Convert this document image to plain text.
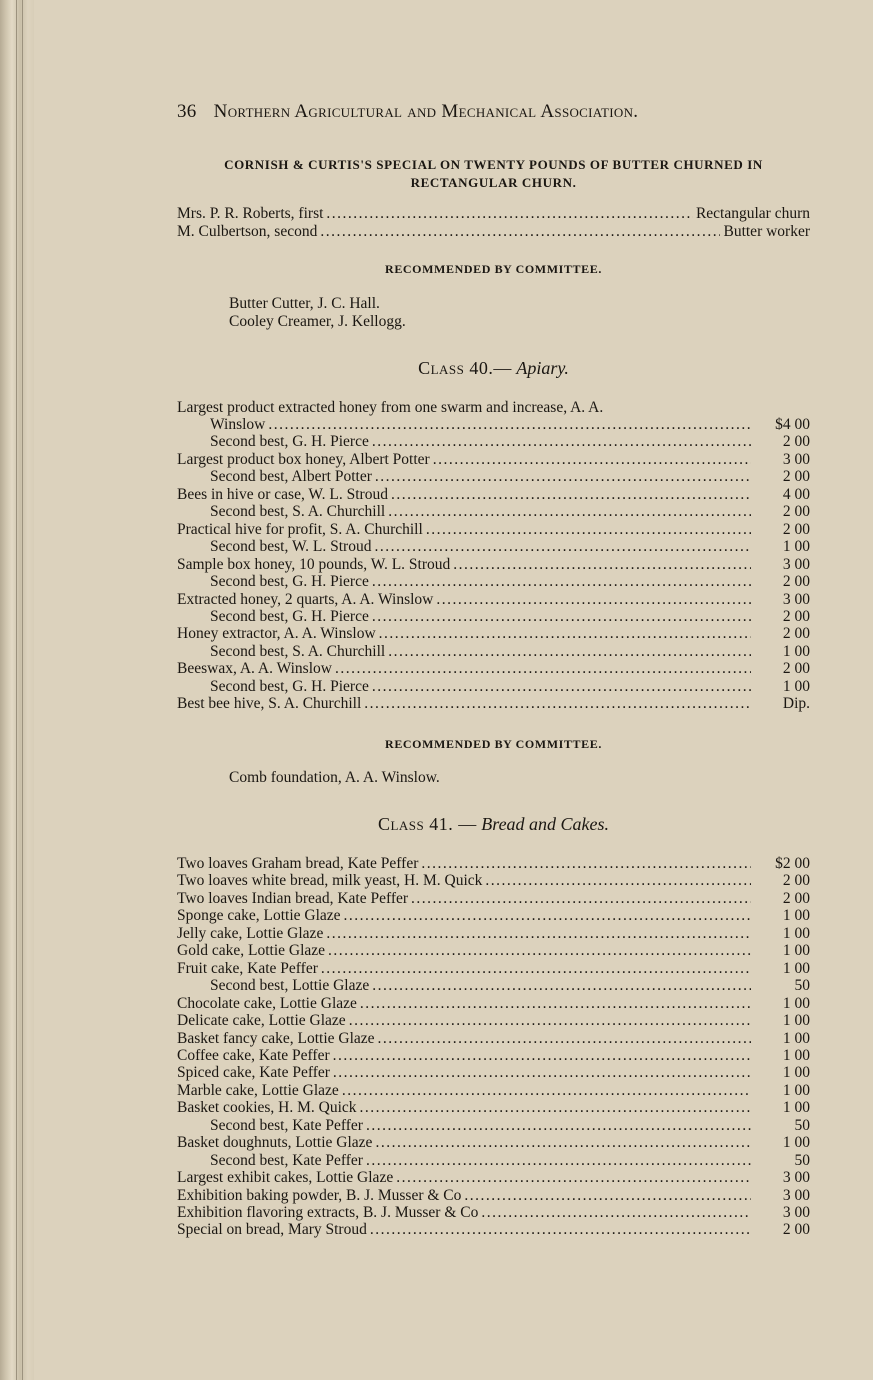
36 Northern Agricultural and Mechanical Association.
CORNISH & CURTIS'S SPECIAL ON TWENTY POUNDS OF BUTTER CHURNED IN
RECTANGULAR CHURN.
Mrs. P. R. Roberts, first .....	Rectangular churn
M. Culbertson, second .....	Butter worker
RECOMMENDED BY COMMITTEE.
Butter Cutter, J. C. Hall.
Cooley Creamer, J. Kellogg.
Class 40.— Apiary.
Largest product extracted honey from one swarm and increase, A. A.
Winslow .....	$4 00
Second best, G. H. Pierce .....	2 00
Largest product box honey, Albert Potter .....	3 00
Second best, Albert Potter .....	2 00
Bees in hive or case, W. L. Stroud .....	4 00
Second best, S. A. Churchill .....	2 00
Practical hive for profit, S. A. Churchill .....	2 00
Second best, W. L. Stroud .....	1 00
Sample box honey, 10 pounds, W. L. Stroud .....	3 00
Second best, G. H. Pierce .....	2 00
Extracted honey, 2 quarts, A. A. Winslow .....	3 00
Second best, G. H. Pierce .....	2 00
Honey extractor, A. A. Winslow .....	2 00
Second best, S. A. Churchill .....	1 00
Beeswax, A. A. Winslow .....	2 00
Second best, G. H. Pierce .....	1 00
Best bee hive, S. A. Churchill .....	Dip.
RECOMMENDED BY COMMITTEE.
Comb foundation, A. A. Winslow.
Class 41. — Bread and Cakes.
Two loaves Graham bread, Kate Peffer .....	$2 00
Two loaves white bread, milk yeast, H. M. Quick .....	2 00
Two loaves Indian bread, Kate Peffer .....	2 00
Sponge cake, Lottie Glaze .....	1 00
Jelly cake, Lottie Glaze .....	1 00
Gold cake, Lottie Glaze .....	1 00
Fruit cake, Kate Peffer .....	1 00
Second best, Lottie Glaze .....	50
Chocolate cake, Lottie Glaze .....	1 00
Delicate cake, Lottie Glaze .....	1 00
Basket fancy cake, Lottie Glaze .....	1 00
Coffee cake, Kate Peffer .....	1 00
Spiced cake, Kate Peffer .....	1 00
Marble cake, Lottie Glaze .....	1 00
Basket cookies, H. M. Quick .....	1 00
Second best, Kate Peffer .....	50
Basket doughnuts, Lottie Glaze .....	1 00
Second best, Kate Peffer .....	50
Largest exhibit cakes, Lottie Glaze .....	3 00
Exhibition baking powder, B. J. Musser & Co .....	3 00
Exhibition flavoring extracts, B. J. Musser & Co .....	3 00
Special on bread, Mary Stroud .....	2 00
